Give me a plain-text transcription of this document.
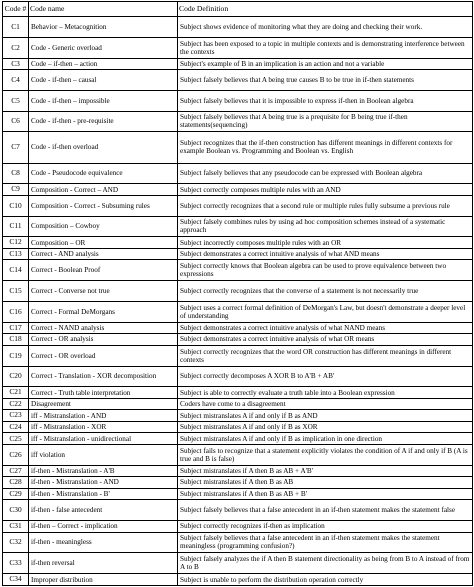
Code #	Code name	Code Definition
C1	Behavior – Metacognition	Subject shows evidence of monitoring what they are doing and checking their work.
C2	Code - Generic overload	Subject has been exposed to a topic in multiple contexts and is demonstrating interference between the contexts
C3	Code – if-then – action	Subject's example of B in an implication is an action and not a variable
C4	Code - if-then – causal	Subject falsely believes that A being true causes B to be true in if-then statements
C5	Code - if-then – impossible	Subject falsely believes that it is impossible to express if-then in Boolean algebra
C6	Code - if-then - pre-requisite	Subject falsely believes that A being true is a prequisite for B being true if-then statements(sequencing)
C7	Code - if-then overload	Subject recognizes that the if-then construction has different meanings in different contexts for example Boolean vs. Programming and Boolean vs. English
C8	Code - Pseudocode equivalence	Subject falsely believes that any pseudocode can be expressed with Boolean algebra
C9	Composition - Correct – AND	Subject correctly composes multiple rules with an AND
C10	Composition - Correct - Subsuming rules	Subject correctly recognizes that a second rule or multiple rules fully subsume a previous rule
C11	Composition – Cowboy	Subject falsely combines rules by using ad hoc composition schemes instead of a systematic approach
C12	Composition – OR	Subject incorrectly composes multiple rules with an OR
C13	Correct - AND analysis	Subject demonstrates a correct intuitive analysis of what AND means
C14	Correct - Boolean Proof	Subject correctly knows that Boolean algebra can be used to prove equivalence between two expressions
C15	Correct - Converse not true	Subject correctly recognizes that the converse of a statement is not necessarily true
C16	Correct - Formal DeMorgans	Subject uses a correct formal definition of DeMorgan's Law, but doesn't demonstrate a deeper level of understanding
C17	Correct - NAND analysis	Subject demonstrates a correct intuitive analysis of what NAND means
C18	Correct - OR analysis	Subject demonstrates a correct intuitive analysis of what OR means
C19	Correct - OR overload	Subject correctly recognizes that the word OR construction has different meanings in different contexts
C20	Correct - Translation - XOR decomposition	Subject correctly decomposes A XOR B to A'B + AB'
C21	Correct - Truth table interpretation	Subject is able to correctly evaluate a truth table into a Boolean expression
C22	Disagreement	Coders have come to a disagreement
C23	iff - Mistranslation - AND	Subject mistranslates A if and only if B as AND
C24	iff - Mistranslation - XOR	Subject mistranslates A if and only if B as XOR
C25	iff - Mistranslation - unidirectional	Subject mistranslates A if and only if B as implication in one direction
C26	iff violation	Subject fails to recognize that a statement explicitly violates the condition of A if and only if B (A is true and B is false)
C27	if-then - Mistranslation - A'B	Subject mistranslates if A then B as AB + A'B'
C28	if-then - Mistranslation - AND	Subject mistranslates if A then B as AB
C29	if-then - Mistranslation - B'	Subject mistranslates if A then B as AB + B'
C30	if-then - false antecedent	Subject falsely believes that a false antecedent in an if-then statement makes the statement false
C31	if-then – Correct - implication	Subject correctly recognizes if-then as implication
C32	if-then - meaningless	Subject falsely believes that a false antecedent in an if-then statement makes the statement meaningless (programming confusion?)
C33	if-then reversal	Subject falsely analyzes the if A then B statement directionality as being from B to A instead of from A to B
C34	Improper distribution	Subject is unable to perform the distribution operation correctly
